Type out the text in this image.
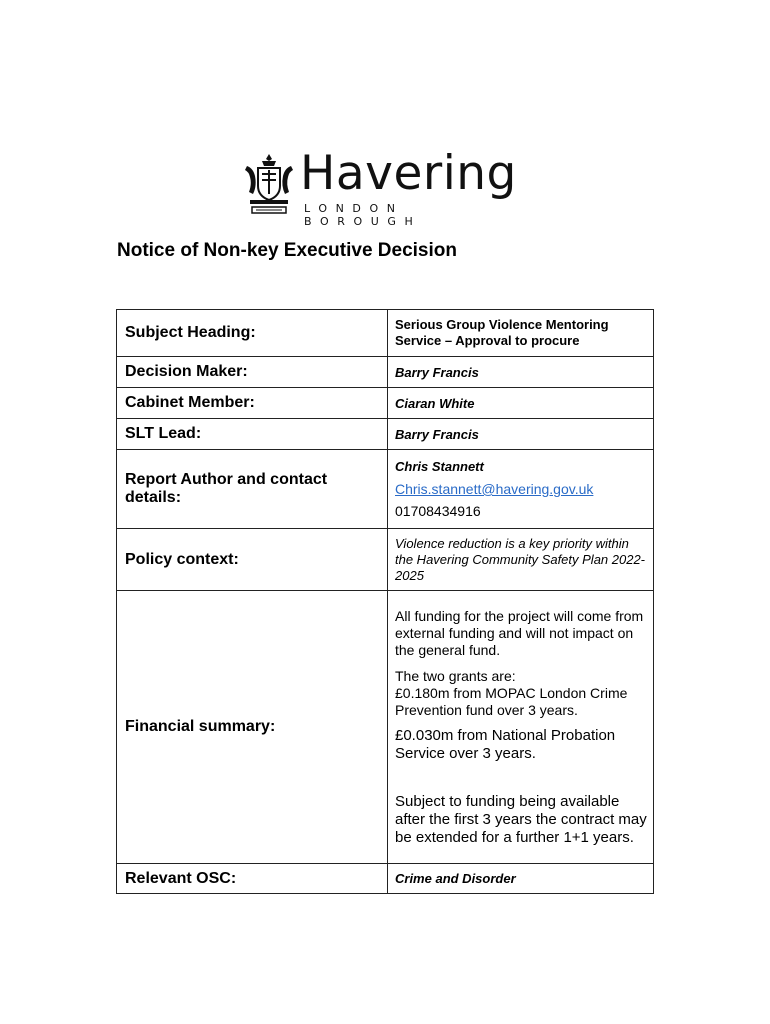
Havering
LONDON BOROUGH
Notice of Non-key Executive Decision
Subject Heading:	Serious Group Violence Mentoring
Service – Approval to procure
Decision Maker:	Barry Francis
Cabinet Member:	Ciaran White
SLT Lead:	Barry Francis
Report Author and contact details:	Chris Stannett

Chris.stannett@havering.gov.uk

01708434916

Policy context:	Violence reduction is a key priority within the Havering Community Safety Plan 2022-2025
Financial summary:	All funding for the project will come from external funding and will not impact on the general fund.

The two grants are:

£0.180m from MOPAC London Crime Prevention fund over 3 years.

£0.030m from National Probation Service over 3 years.

Subject to funding being available after the first 3 years the contract may be extended for a further 1+1 years.

Relevant OSC:	Crime and Disorder
